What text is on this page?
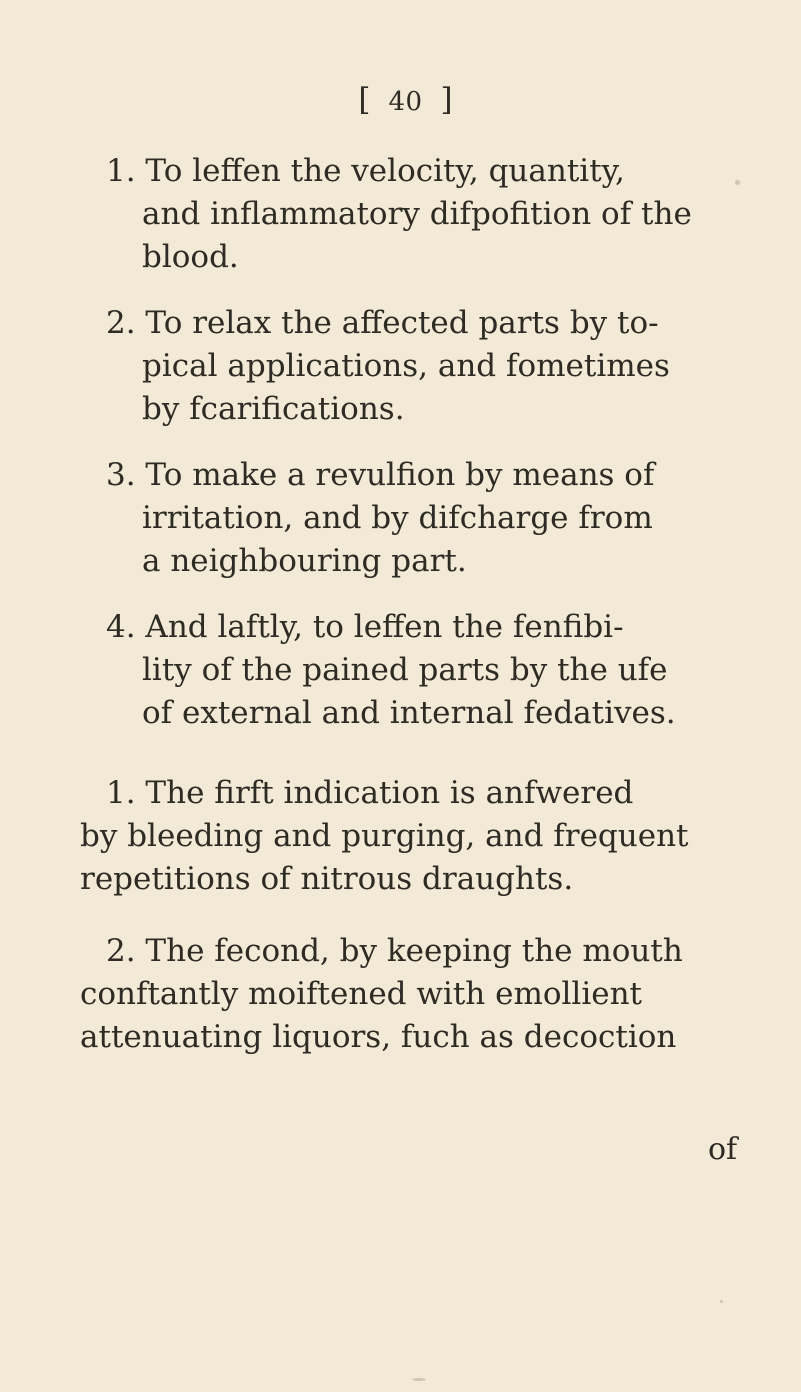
[ 40 ]
1. To leffen the velocity, quantity,
and inflammatory difpofition of the
blood.
2. To relax the affected parts by to-
pical applications, and fometimes
by fcarifications.
3. To make a revulfion by means of
irritation, and by difcharge from
a neighbouring part.
4. And laftly, to leffen the fenfibi-
lity of the pained parts by the ufe
of external and internal fedatives.
1. The firft indication is anfwered
by bleeding and purging, and frequent
repetitions of nitrous draughts.
2. The fecond, by keeping the mouth
conftantly moiftened with emollient
attenuating liquors, fuch as decoction
of
